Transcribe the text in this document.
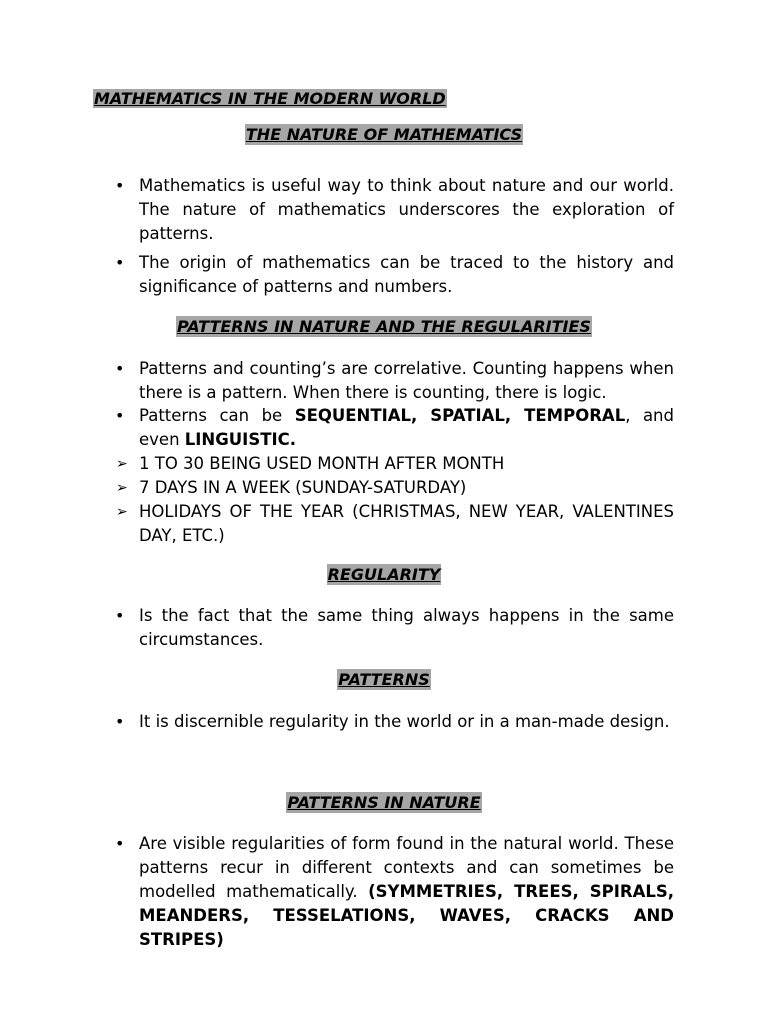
MATHEMATICS IN THE MODERN WORLD
THE NATURE OF MATHEMATICS
• Mathematics is useful way to think about nature and our world. The nature of mathematics underscores the exploration of patterns.
• The origin of mathematics can be traced to the history and significance of patterns and numbers.
PATTERNS IN NATURE AND THE REGULARITIES
• Patterns and counting’s are correlative. Counting happens when there is a pattern. When there is counting, there is logic.
• Patterns can be SEQUENTIAL, SPATIAL, TEMPORAL, and even LINGUISTIC.
➢ 1 TO 30 BEING USED MONTH AFTER MONTH
➢ 7 DAYS IN A WEEK (SUNDAY-SATURDAY)
➢ HOLIDAYS OF THE YEAR (CHRISTMAS, NEW YEAR, VALENTINES DAY, ETC.)
REGULARITY
• Is the fact that the same thing always happens in the same circumstances.
PATTERNS
• It is discernible regularity in the world or in a man-made design.
PATTERNS IN NATURE
• Are visible regularities of form found in the natural world. These patterns recur in different contexts and can sometimes be modelled mathematically. (SYMMETRIES, TREES, SPIRALS, MEANDERS, TESSELATIONS, WAVES, CRACKS AND STRIPES)
